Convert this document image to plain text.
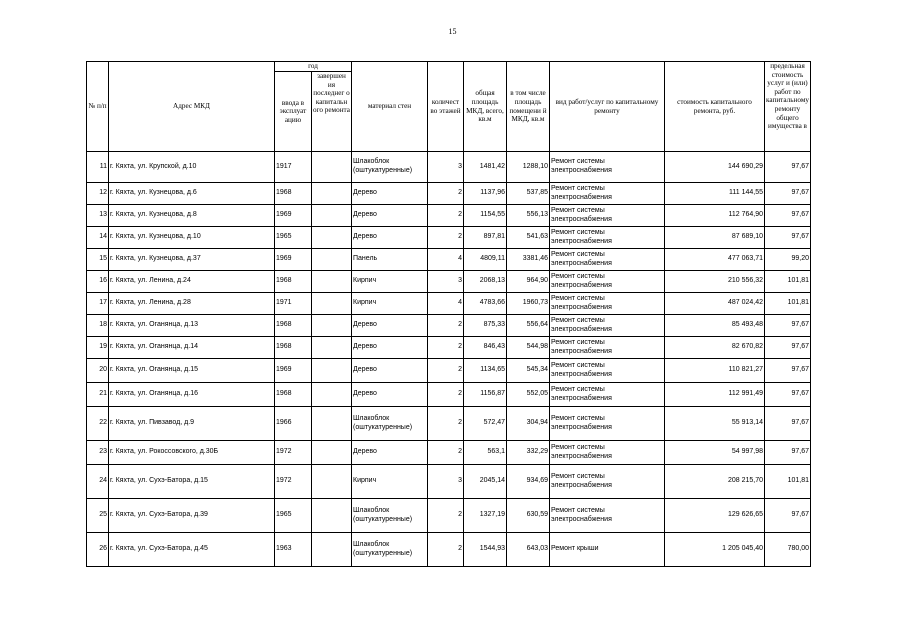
15
№ п/п	Адрес МКД	год		материал стен	количест во этажей	общая площадь МКД, всего, кв.м	в том числе площадь помещени й МКД, кв.м	вид работ/услуг по капитальному ремонту	стоимость капитального ремонта, руб.	предельная стоимость услуг и (или) работ по капитальному ремонту общего имущества в
		ввода в эксплуат ацию	завершен ия последнег о капитальн ого ремонта							
11	г. Кяхта, ул. Крупской, д.10	1917		Шлакоблок (оштукатуренные)	3	1481,42	1288,10	Ремонт системы электроснабжения	144 690,29	97,67
12	г. Кяхта, ул. Кузнецова, д.6	1968		Дерево	2	1137,96	537,85	Ремонт системы электроснабжения	111 144,55	97,67
13	г. Кяхта, ул. Кузнецова, д.8	1969		Дерево	2	1154,55	556,13	Ремонт системы электроснабжения	112 764,90	97,67
14	г. Кяхта, ул. Кузнецова, д.10	1965		Дерево	2	897,81	541,63	Ремонт системы электроснабжения	87 689,10	97,67
15	г. Кяхта, ул. Кузнецова, д.37	1969		Панель	4	4809,11	3381,46	Ремонт системы электроснабжения	477 063,71	99,20
16	г. Кяхта, ул. Ленина, д.24	1968		Кирпич	3	2068,13	964,90	Ремонт системы электроснабжения	210 556,32	101,81
17	г. Кяхта, ул. Ленина, д.28	1971		Кирпич	4	4783,66	1960,73	Ремонт системы электроснабжения	487 024,42	101,81
18	г. Кяхта, ул. Оганянца, д.13	1968		Дерево	2	875,33	556,64	Ремонт системы электроснабжения	85 493,48	97,67
19	г. Кяхта, ул. Оганянца, д.14	1968		Дерево	2	846,43	544,98	Ремонт системы электроснабжения	82 670,82	97,67
20	г. Кяхта, ул. Оганянца, д.15	1969		Дерево	2	1134,65	545,34	Ремонт системы электроснабжения	110 821,27	97,67
21	г. Кяхта, ул. Оганянца, д.16	1968		Дерево	2	1156,87	552,05	Ремонт системы электроснабжения	112 991,49	97,67
22	г. Кяхта, ул. Пивзавод, д.9	1966		Шлакоблок (оштукатуренные)	2	572,47	304,94	Ремонт системы электроснабжения	55 913,14	97,67
23	г. Кяхта, ул. Рокоссовского, д.30Б	1972		Дерево	2	563,1	332,29	Ремонт системы электроснабжения	54 997,98	97,67
24	г. Кяхта, ул. Сухэ-Батора, д.15	1972		Кирпич	3	2045,14	934,69	Ремонт системы электроснабжения	208 215,70	101,81
25	г. Кяхта, ул. Сухэ-Батора, д.39	1965		Шлакоблок (оштукатуренные)	2	1327,19	630,59	Ремонт системы электроснабжения	129 626,65	97,67
26	г. Кяхта, ул. Сухэ-Батора, д.45	1963		Шлакоблок (оштукатуренные)	2	1544,93	643,03	Ремонт крыши	1 205 045,40	780,00
